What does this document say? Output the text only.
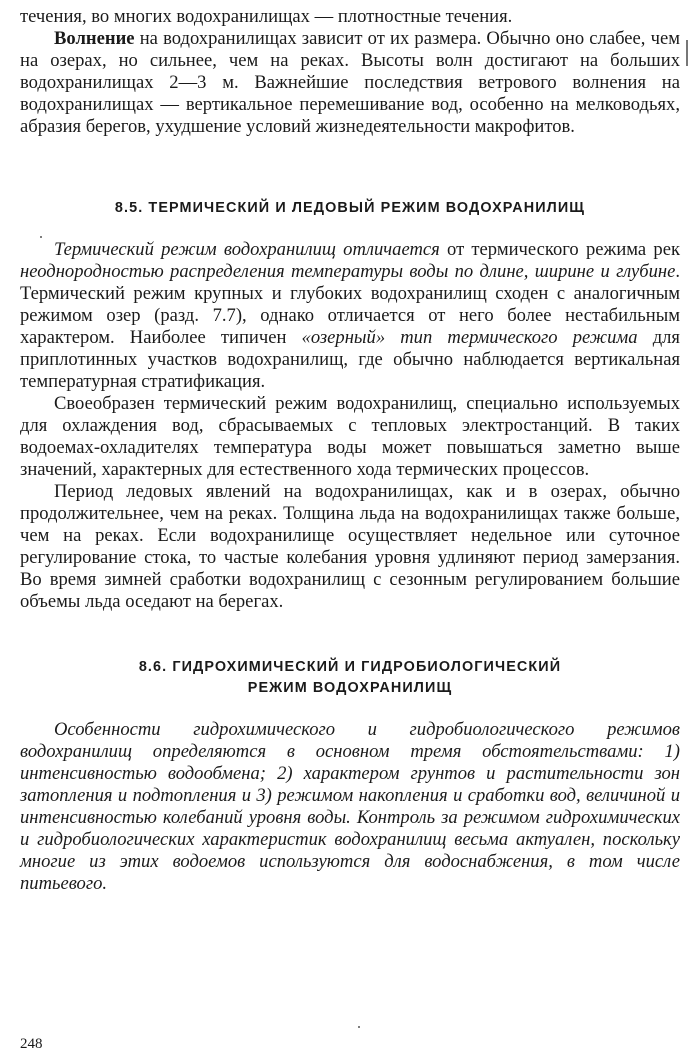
течения, во многих водохранилищах — плотностные течения.

Волнение на водохранилищах зависит от их размера. Обычно оно слабее, чем на озерах, но сильнее, чем на реках. Высоты волн достигают на больших водохранилищах 2—3 м. Важнейшие последствия ветрового волнения на водохранилищах — вертикальное перемешивание вод, особенно на мелководьях, абразия берегов, ухудшение условий жизнедеятельности макрофитов.

8.5. ТЕРМИЧЕСКИЙ И ЛЕДОВЫЙ РЕЖИМ ВОДОХРАНИЛИЩ

Термический режим водохранилищ отличается от термического режима рек неоднородностью распределения температуры воды по длине, ширине и глубине. Термический режим крупных и глубоких водохранилищ сходен с аналогичным режимом озер (разд. 7.7), однако отличается от него более нестабильным характером. Наиболее типичен «озерный» тип термического режима для приплотинных участков водохранилищ, где обычно наблюдается вертикальная температурная стратификация.

Своеобразен термический режим водохранилищ, специально используемых для охлаждения вод, сбрасываемых с тепловых электростанций. В таких водоемах-охладителях температура воды может повышаться заметно выше значений, характерных для естественного хода термических процессов.

Период ледовых явлений на водохранилищах, как и в озерах, обычно продолжительнее, чем на реках. Толщина льда на водохранилищах также больше, чем на реках. Если водохранилище осуществляет недельное или суточное регулирование стока, то частые колебания уровня удлиняют период замерзания. Во время зимней сработки водохранилищ с сезонным регулированием большие объемы льда оседают на берегах.

8.6. ГИДРОХИМИЧЕСКИЙ И ГИДРОБИОЛОГИЧЕСКИЙ
РЕЖИМ ВОДОХРАНИЛИЩ

Особенности гидрохимического и гидробиологического режимов водохранилищ определяются в основном тремя обстоятельствами: 1) интенсивностью водообмена; 2) характером грунтов и растительности зон затопления и подтопления и 3) режимом накопления и сработки вод, величиной и интенсивностью колебаний уровня воды. Контроль за режимом гидрохимических и гидробиологических характеристик водохранилищ весьма актуален, поскольку многие из этих водоемов используются для водоснабжения, в том числе питьевого.

248
